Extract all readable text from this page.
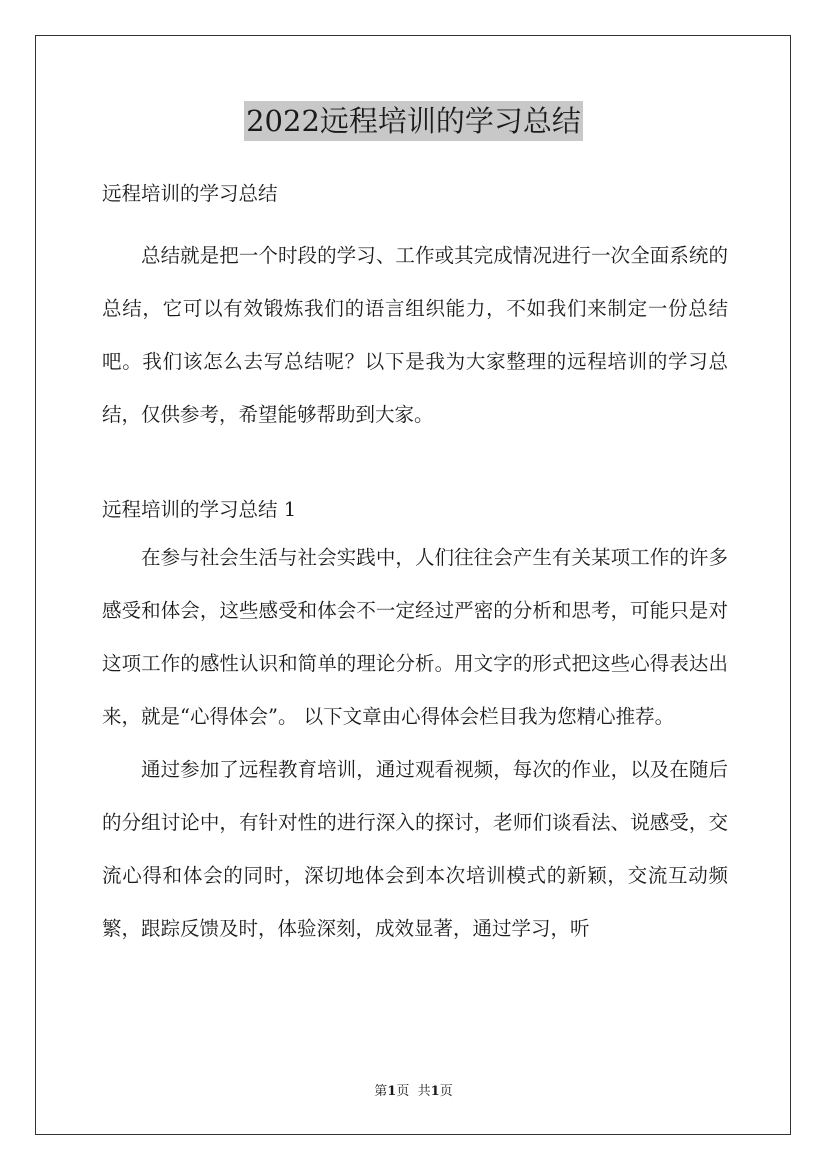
2022远程培训的学习总结

远程培训的学习总结

总结就是把一个时段的学习、工作或其完成情况进行一次全面系统的总结，它可以有效锻炼我们的语言组织能力，不如我们来制定一份总结吧。我们该怎么去写总结呢？以下是我为大家整理的远程培训的学习总结，仅供参考，希望能够帮助到大家。

远程培训的学习总结 1

在参与社会生活与社会实践中，人们往往会产生有关某项工作的许多感受和体会，这些感受和体会不一定经过严密的分析和思考，可能只是对这项工作的感性认识和简单的理论分析。用文字的形式把这些心得表达出来，就是“心得体会”。 以下文章由心得体会栏目我为您精心推荐。

通过参加了远程教育培训，通过观看视频，每次的作业，以及在随后的分组讨论中，有针对性的进行深入的探讨，老师们谈看法、说感受，交流心得和体会的同时，深切地体会到本次培训模式的新颖，交流互动频繁，跟踪反馈及时，体验深刻，成效显著，通过学习，听

第1页 共1页
